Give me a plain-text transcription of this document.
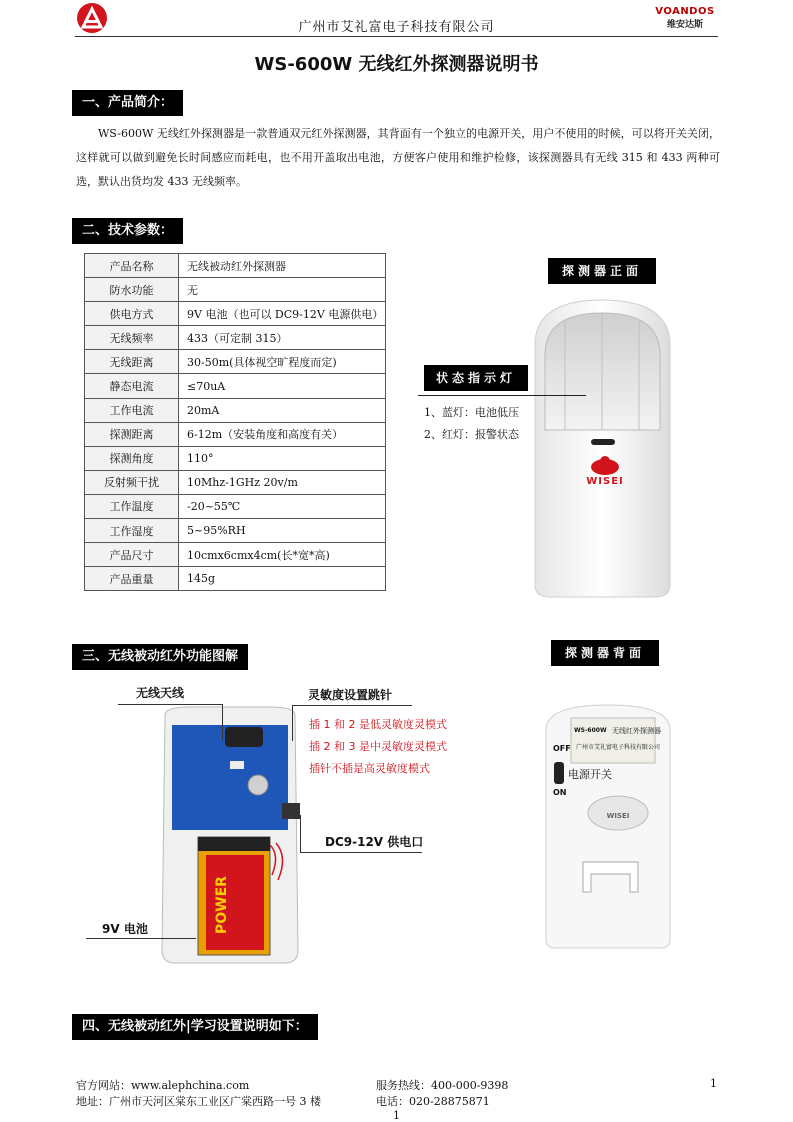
广州市艾礼富电子科技有限公司
VOANDOS
维安达斯
WS-600W 无线红外探测器说明书
一、产品简介：

WS-600W 无线红外探测器是一款普通双元红外探测器，其背面有一个独立的电源开关，用户不使用的时候，可以将开关关闭，这样就可以做到避免长时间感应而耗电，也不用开盖取出电池，方便客户使用和维护检修，该探测器具有无线 315 和 433 两种可选，默认出货均发 433 无线频率。

二、技术参数：
产品名称	无线被动红外探测器
防水功能	无
供电方式	9V 电池（也可以 DC9-12V 电源供电）
无线频率	433（可定制 315）
无线距离	30-50m(具体视空旷程度而定)
静态电流	≤70uA
工作电流	20mA
探测距离	6-12m（安装角度和高度有关）
探测角度	110°
反射频干扰	10Mhz-1GHz 20v/m
工作温度	-20~55℃
工作湿度	5~95%RH
产品尺寸	10cmx6cmx4cm(长*宽*高)
产品重量	145g
探测器正面
WISEI
状态指示灯
1、蓝灯：电池低压
2、红灯：报警状态
三、无线被动红外功能图解	探测器背面
WS-600W 无线红外探测器
广州市艾礼富电子科技有限公司
ON
OFF
电源开关
WISEI
POWER
无线天线	灵敏度设置跳针
插 1 和 2 是低灵敏度灵模式
插 2 和 3 是中灵敏度灵模式
插针不插是高灵敏度模式
DC9-12V 供电口
9V 电池
四、无线被动红外|学习设置说明如下：
官方网站：www.alephchina.com
地址：广州市天河区棠东工业区广棠西路一号 3 楼
服务热线：400-000-9398
电话：020-28875871
1
1
